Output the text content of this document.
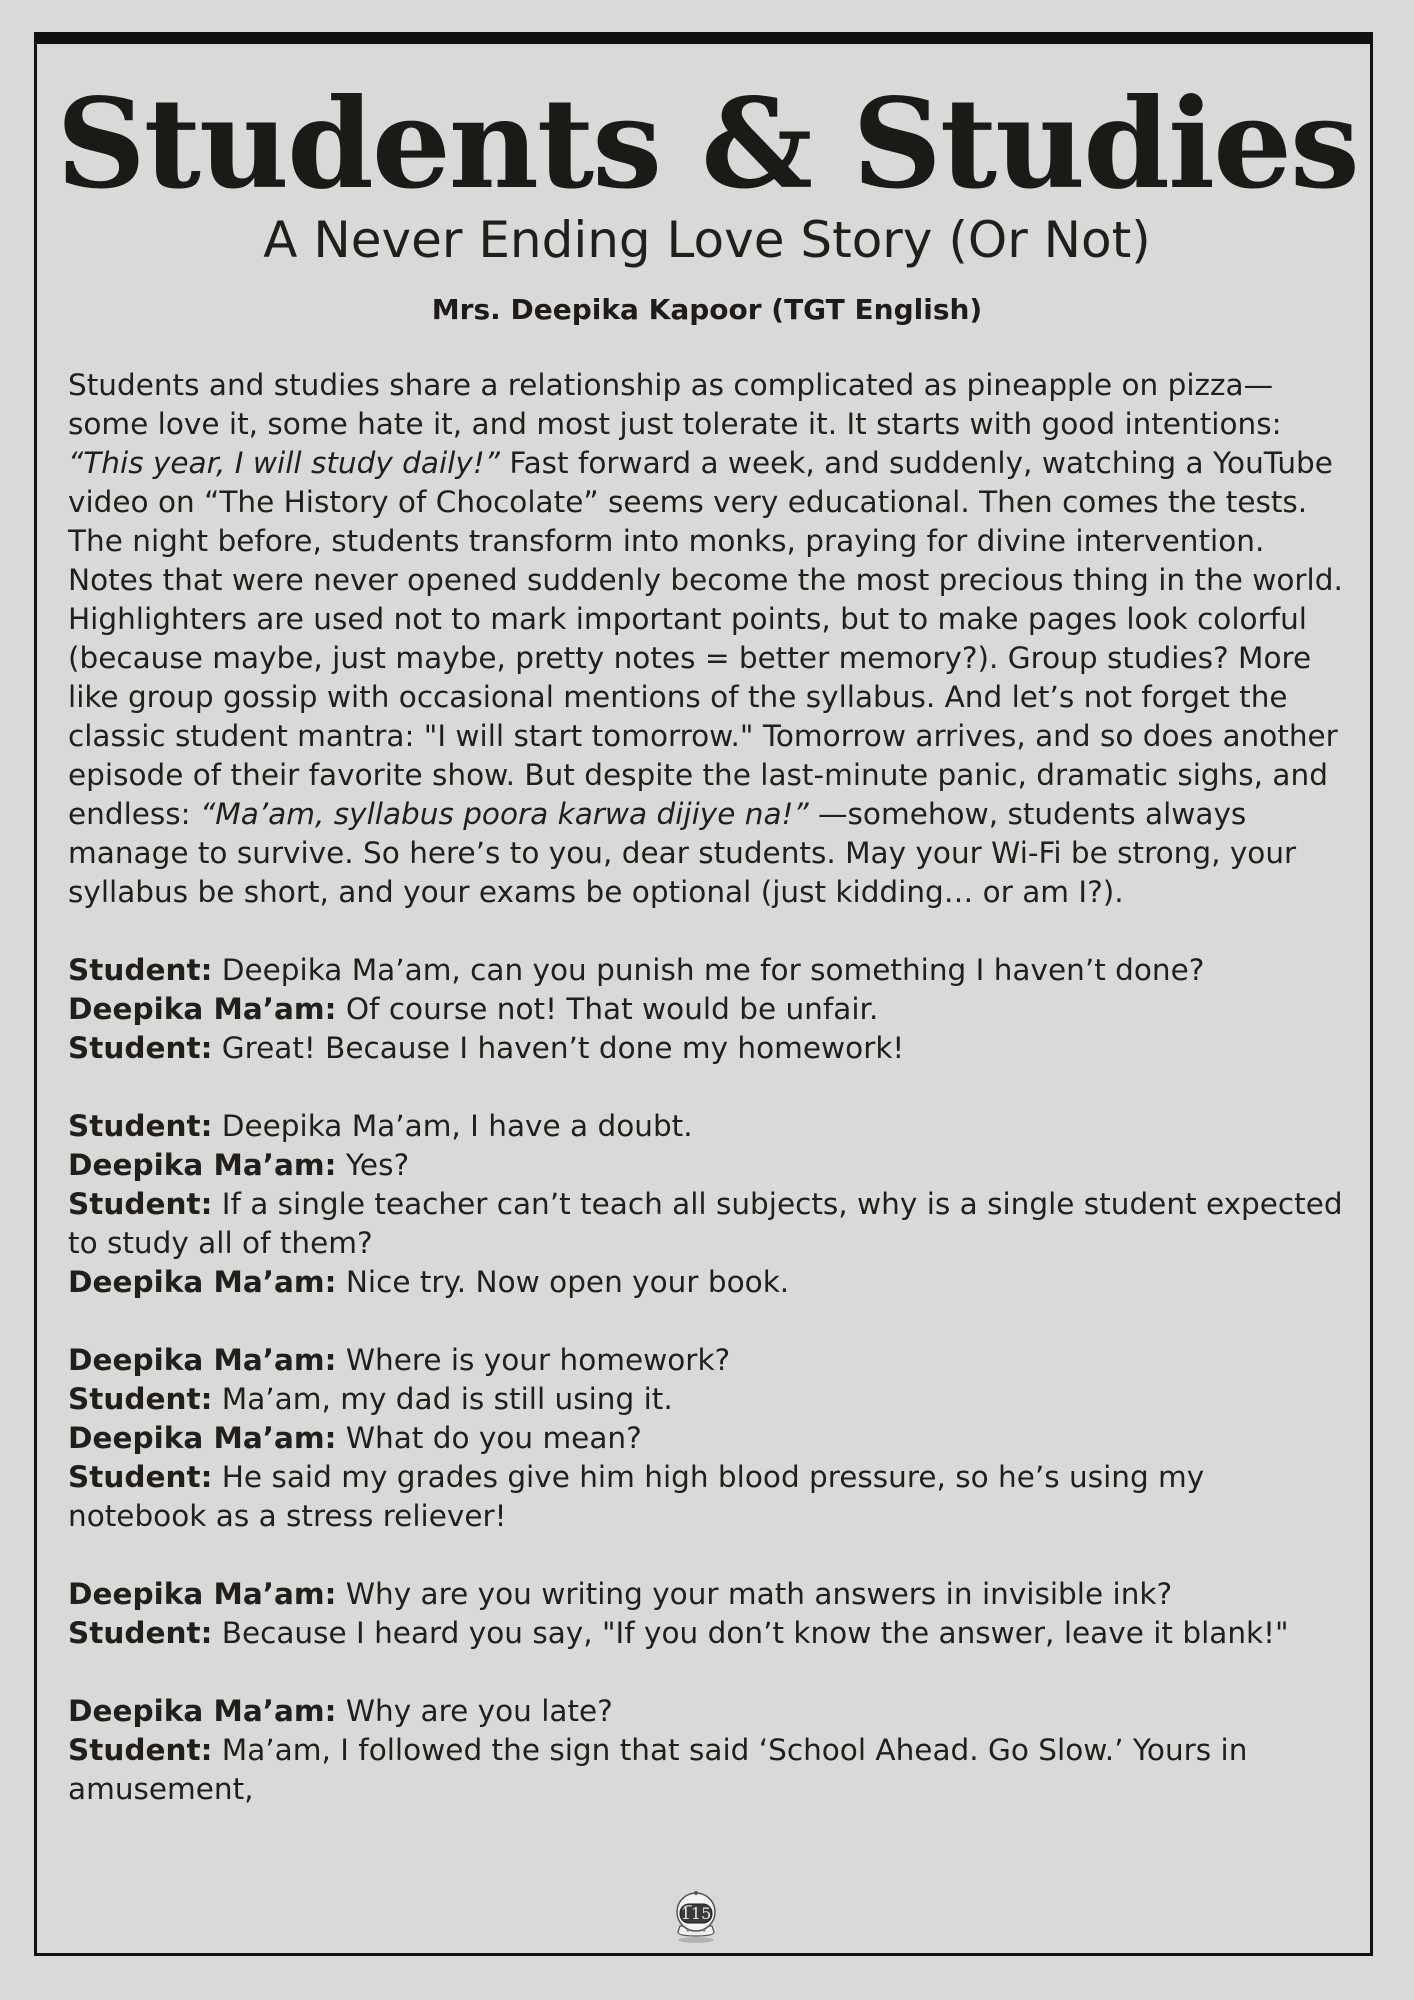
Students & Studies
A Never Ending Love Story (Or Not)
Mrs. Deepika Kapoor (TGT English)

Students and studies share a relationship as complicated as pineapple on pizza—some love it, some hate it, and most just tolerate it. It starts with good intentions: “This year, I will study daily!” Fast forward a week, and suddenly, watching a YouTube video on “The History of Chocolate” seems very educational. Then comes the tests. The night before, students transform into monks, praying for divine intervention. Notes that were never opened suddenly become the most precious thing in the world. Highlighters are used not to mark important points, but to make pages look colorful (because maybe, just maybe, pretty notes = better memory?). Group studies? More like group gossip with occasional mentions of the syllabus. And let’s not forget the classic student mantra: "I will start tomorrow." Tomorrow arrives, and so does another episode of their favorite show. But despite the last-minute panic, dramatic sighs, and endless: “Ma’am, syllabus poora karwa dijiye na!” —somehow, students always manage to survive. So here’s to you, dear students. May your Wi-Fi be strong, your syllabus be short, and your exams be optional (just kidding… or am I?).

Student: Deepika Ma’am, can you punish me for something I haven’t done?
Deepika Ma’am: Of course not! That would be unfair.
Student: Great! Because I haven’t done my homework!

Student: Deepika Ma’am, I have a doubt.
Deepika Ma’am: Yes?
Student: If a single teacher can’t teach all subjects, why is a single student expected to study all of them?
Deepika Ma’am: Nice try. Now open your book.

Deepika Ma’am: Where is your homework?
Student: Ma’am, my dad is still using it.
Deepika Ma’am: What do you mean?
Student: He said my grades give him high blood pressure, so he’s using my notebook as a stress reliever!

Deepika Ma’am: Why are you writing your math answers in invisible ink?
Student: Because I heard you say, "If you don’t know the answer, leave it blank!"

Deepika Ma’am: Why are you late?
Student: Ma’am, I followed the sign that said ‘School Ahead. Go Slow.’ Yours in amusement,

115
